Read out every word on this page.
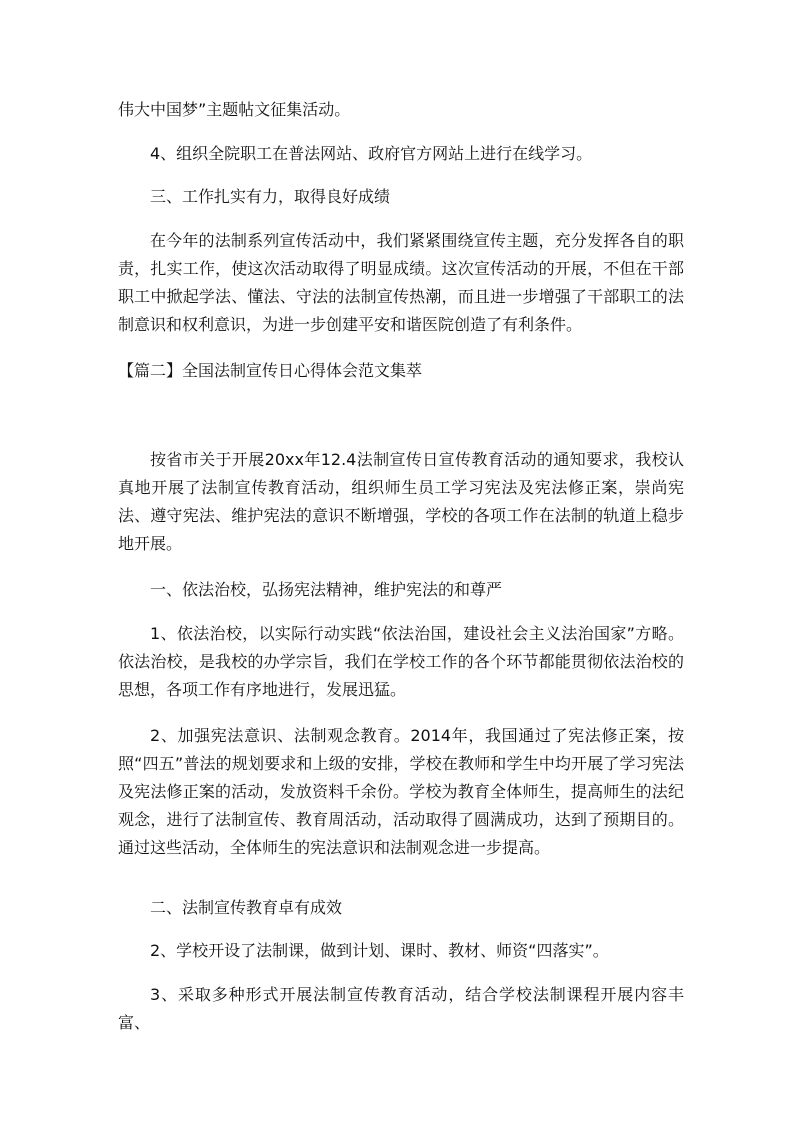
伟大中国梦”主题帖文征集活动。

4、组织全院职工在普法网站、政府官方网站上进行在线学习。

三、工作扎实有力，取得良好成绩

在今年的法制系列宣传活动中，我们紧紧围绕宣传主题，充分发挥各自的职责，扎实工作，使这次活动取得了明显成绩。这次宣传活动的开展，不但在干部职工中掀起学法、懂法、守法的法制宣传热潮，而且进一步增强了干部职工的法制意识和权利意识，为进一步创建平安和谐医院创造了有利条件。

【篇二】全国法制宣传日心得体会范文集萃

按省市关于开展20xx年12.4法制宣传日宣传教育活动的通知要求，我校认真地开展了法制宣传教育活动，组织师生员工学习宪法及宪法修正案，崇尚宪法、遵守宪法、维护宪法的意识不断增强，学校的各项工作在法制的轨道上稳步地开展。

一、依法治校，弘扬宪法精神，维护宪法的和尊严

1、依法治校，以实际行动实践“依法治国，建设社会主义法治国家”方略。依法治校，是我校的办学宗旨，我们在学校工作的各个环节都能贯彻依法治校的思想，各项工作有序地进行，发展迅猛。

2、加强宪法意识、法制观念教育。2014年，我国通过了宪法修正案，按照“四五”普法的规划要求和上级的安排，学校在教师和学生中均开展了学习宪法及宪法修正案的活动，发放资料千余份。学校为教育全体师生，提高师生的法纪观念，进行了法制宣传、教育周活动，活动取得了圆满成功，达到了预期目的。通过这些活动，全体师生的宪法意识和法制观念进一步提高。

二、法制宣传教育卓有成效

2、学校开设了法制课，做到计划、课时、教材、师资“四落实”。

3、采取多种形式开展法制宣传教育活动，结合学校法制课程开展内容丰富、
